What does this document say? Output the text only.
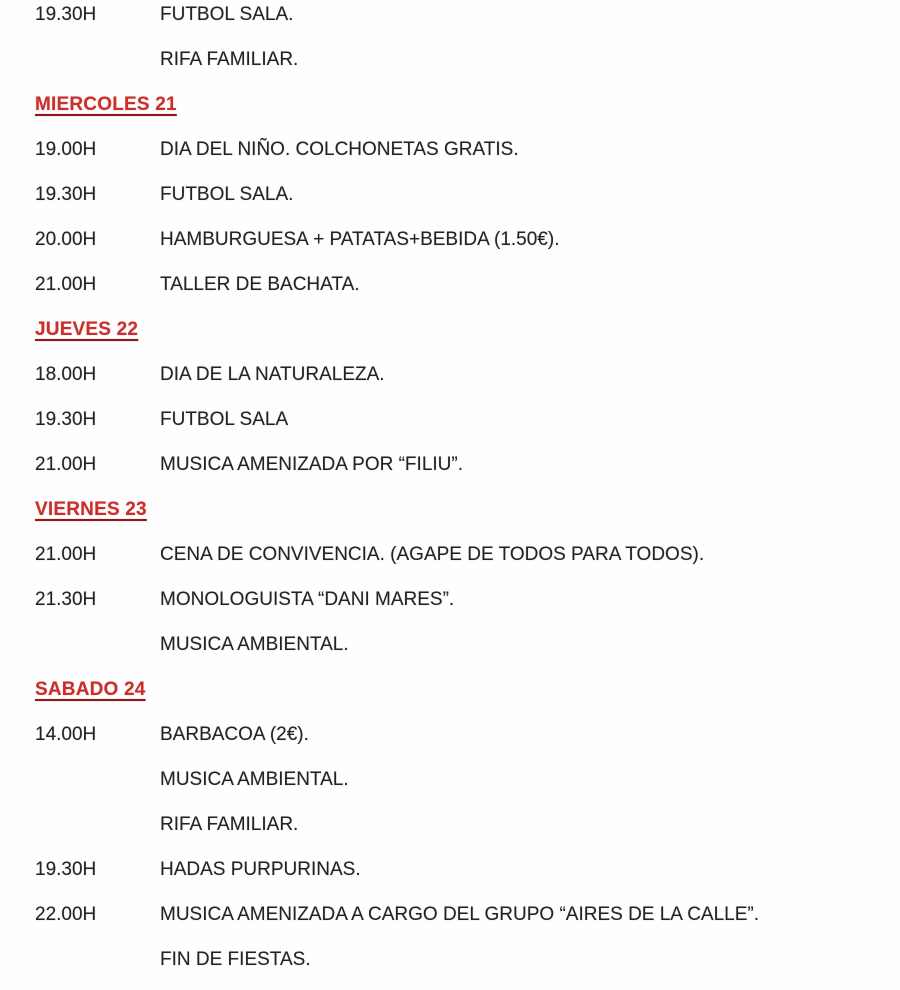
19.30H	FUTBOL SALA.
RIFA FAMILIAR.
MIERCOLES 21
19.00H	DIA DEL NIÑO. COLCHONETAS GRATIS.
19.30H	FUTBOL SALA.
20.00H	HAMBURGUESA + PATATAS+BEBIDA (1.50€).
21.00H	TALLER DE BACHATA.
JUEVES 22
18.00H	DIA DE LA NATURALEZA.
19.30H	FUTBOL SALA
21.00H	MUSICA AMENIZADA POR “FILIU”.
VIERNES 23
21.00H	CENA DE CONVIVENCIA. (AGAPE DE TODOS PARA TODOS).
21.30H	MONOLOGUISTA “DANI MARES”.
MUSICA AMBIENTAL.
SABADO 24
14.00H	BARBACOA (2€).
MUSICA AMBIENTAL.
RIFA FAMILIAR.
19.30H	HADAS PURPURINAS.
22.00H	MUSICA AMENIZADA A CARGO DEL GRUPO “AIRES DE LA CALLE”.
FIN DE FIESTAS.
